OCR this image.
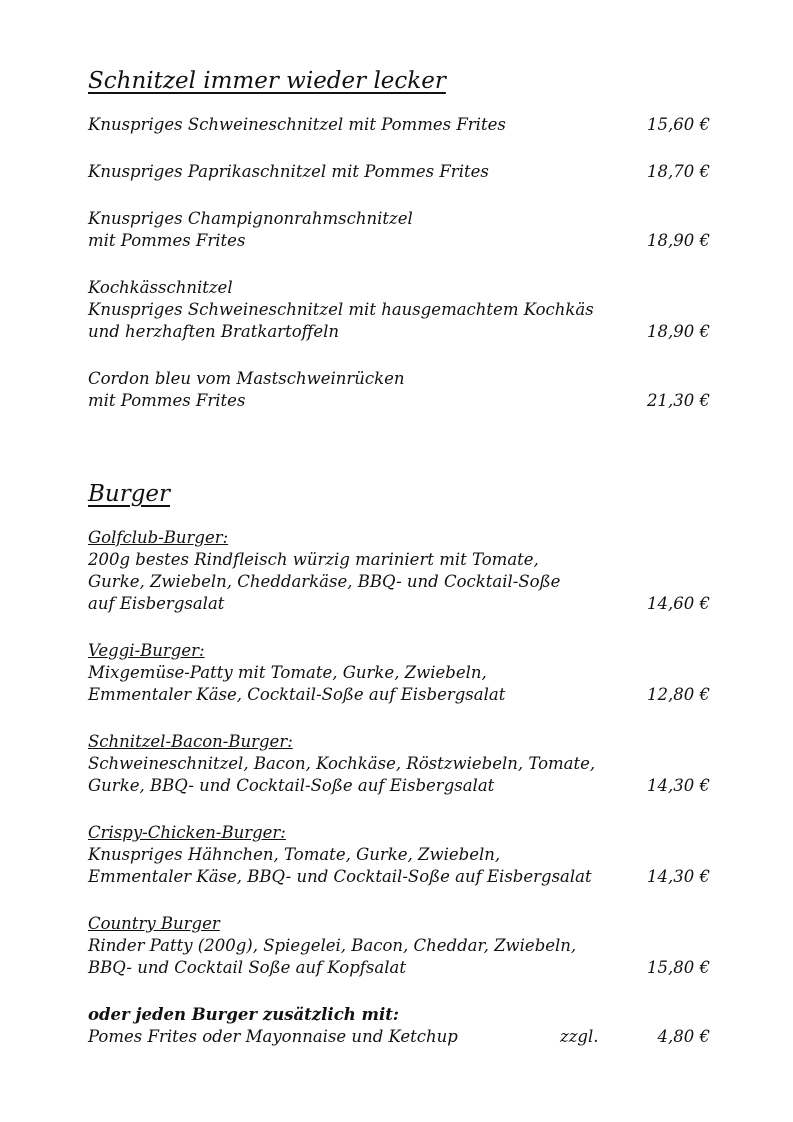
Schnitzel immer wieder lecker
Knuspriges Schweineschnitzel mit Pommes Frites	15,60 €
Knuspriges Paprikaschnitzel mit Pommes Frites	18,70 €
Knuspriges Champignonrahmschnitzel
mit Pommes Frites	18,90 €
Kochkässchnitzel
Knuspriges Schweineschnitzel mit hausgemachtem Kochkäs
und herzhaften Bratkartoffeln	18,90 €
Cordon bleu vom Mastschweinrücken
mit Pommes Frites	21,30 €
Burger
Golfclub-Burger:
200g bestes Rindfleisch würzig mariniert mit Tomate,
Gurke, Zwiebeln, Cheddarkäse, BBQ- und Cocktail-Soße
auf Eisbergsalat	14,60 €
Veggi-Burger:
Mixgemüse-Patty mit Tomate, Gurke, Zwiebeln,
Emmentaler Käse, Cocktail-Soße auf Eisbergsalat	12,80 €
Schnitzel-Bacon-Burger:
Schweineschnitzel, Bacon, Kochkäse, Röstzwiebeln, Tomate,
Gurke, BBQ- und Cocktail-Soße auf Eisbergsalat	14,30 €
Crispy-Chicken-Burger:
Knuspriges Hähnchen, Tomate, Gurke, Zwiebeln,
Emmentaler Käse, BBQ- und Cocktail-Soße auf Eisbergsalat	14,30 €
Country Burger
Rinder Patty (200g), Spiegelei, Bacon, Cheddar, Zwiebeln,
BBQ- und Cocktail Soße auf Kopfsalat	15,80 €
oder jeden Burger zusätzlich mit:
Pomes Frites oder Mayonnaise und Ketchup	zzgl.	4,80 €
